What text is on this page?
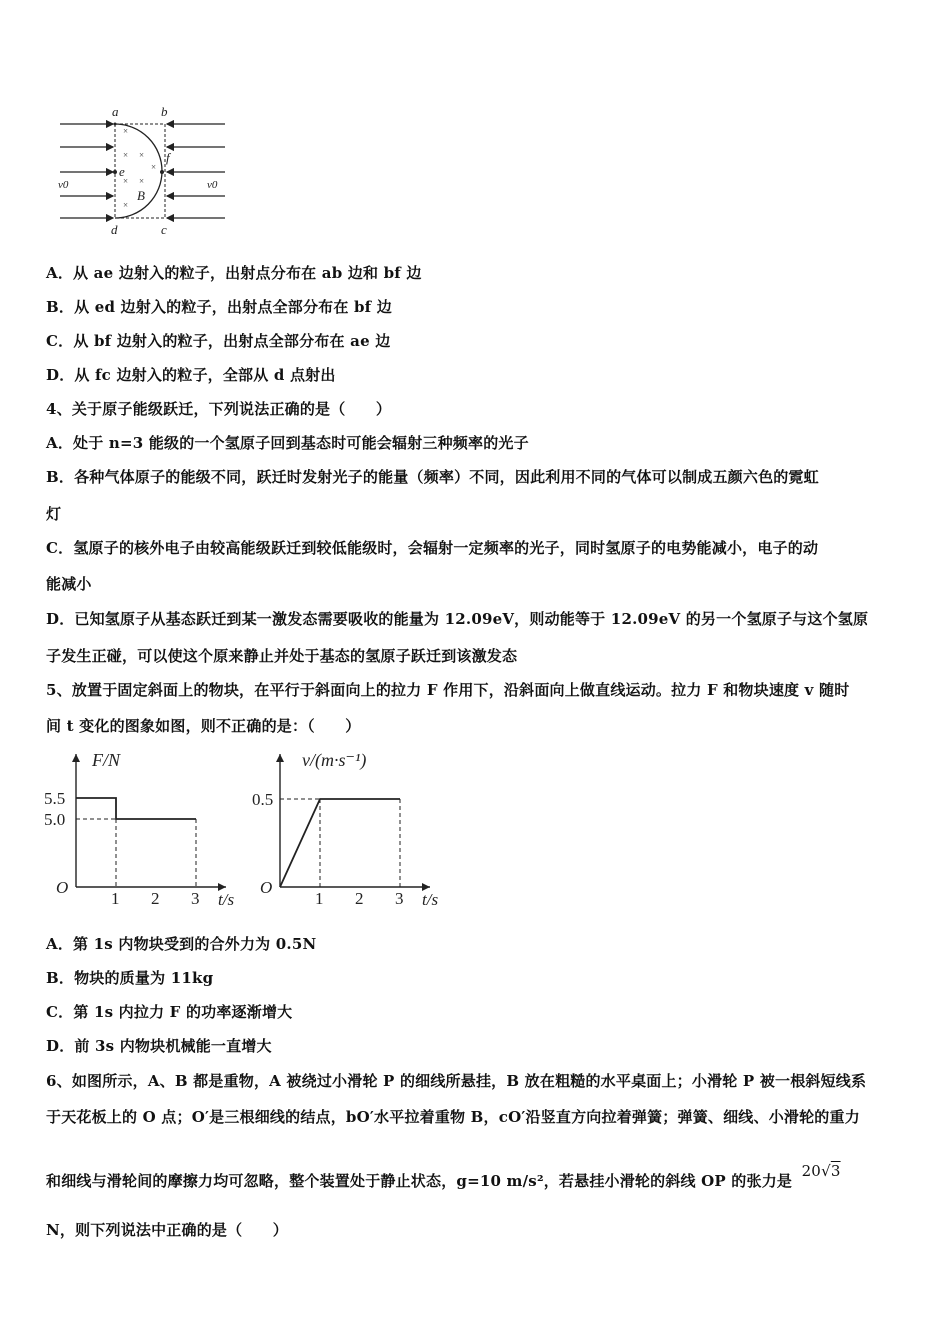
×
× ×
× ×
×
×
a	b
d	c
e
f
B
v0	v0
A．从 ae 边射入的粒子，出射点分布在 ab 边和 bf 边
B．从 ed 边射入的粒子，出射点全部分布在 bf 边
C．从 bf 边射入的粒子，出射点全部分布在 ae 边
D．从 fc 边射入的粒子，全部从 d 点射出
4、关于原子能级跃迁，下列说法正确的是（　　）
A．处于 n=3 能级的一个氢原子回到基态时可能会辐射三种频率的光子
B．各种气体原子的能级不同，跃迁时发射光子的能量（频率）不同，因此利用不同的气体可以制成五颜六色的霓虹
灯
C．氢原子的核外电子由较高能级跃迁到较低能级时，会辐射一定频率的光子，同时氢原子的电势能减小，电子的动
能减小
D．已知氢原子从基态跃迁到某一激发态需要吸收的能量为 12.09eV，则动能等于 12.09eV 的另一个氢原子与这个氢原
子发生正碰，可以使这个原来静止并处于基态的氢原子跃迁到该激发态
5、放置于固定斜面上的物块，在平行于斜面向上的拉力 F 作用下，沿斜面向上做直线运动。拉力 F 和物块速度 v 随时
间 t 变化的图象如图，则不正确的是：（　　）
F/N
t/s
O
1 2 3
5.0
5.5
v/(m·s⁻¹)
t/s
O
1 2 3
0.5
A．第 1s 内物块受到的合外力为 0.5N
B．物块的质量为 11kg
C．第 1s 内拉力 F 的功率逐渐增大
D．前 3s 内物块机械能一直增大
6、如图所示，A、B 都是重物，A 被绕过小滑轮 P 的细线所悬挂，B 放在粗糙的水平桌面上；小滑轮 P 被一根斜短线系
于天花板上的 O 点；O′是三根细线的结点，bO′水平拉着重物 B，cO′沿竖直方向拉着弹簧；弹簧、细线、小滑轮的重力
和细线与滑轮间的摩擦力均可忽略，整个装置处于静止状态，g=10 m/s²，若悬挂小滑轮的斜线 OP 的张力是 20√3
N，则下列说法中正确的是（　　）
